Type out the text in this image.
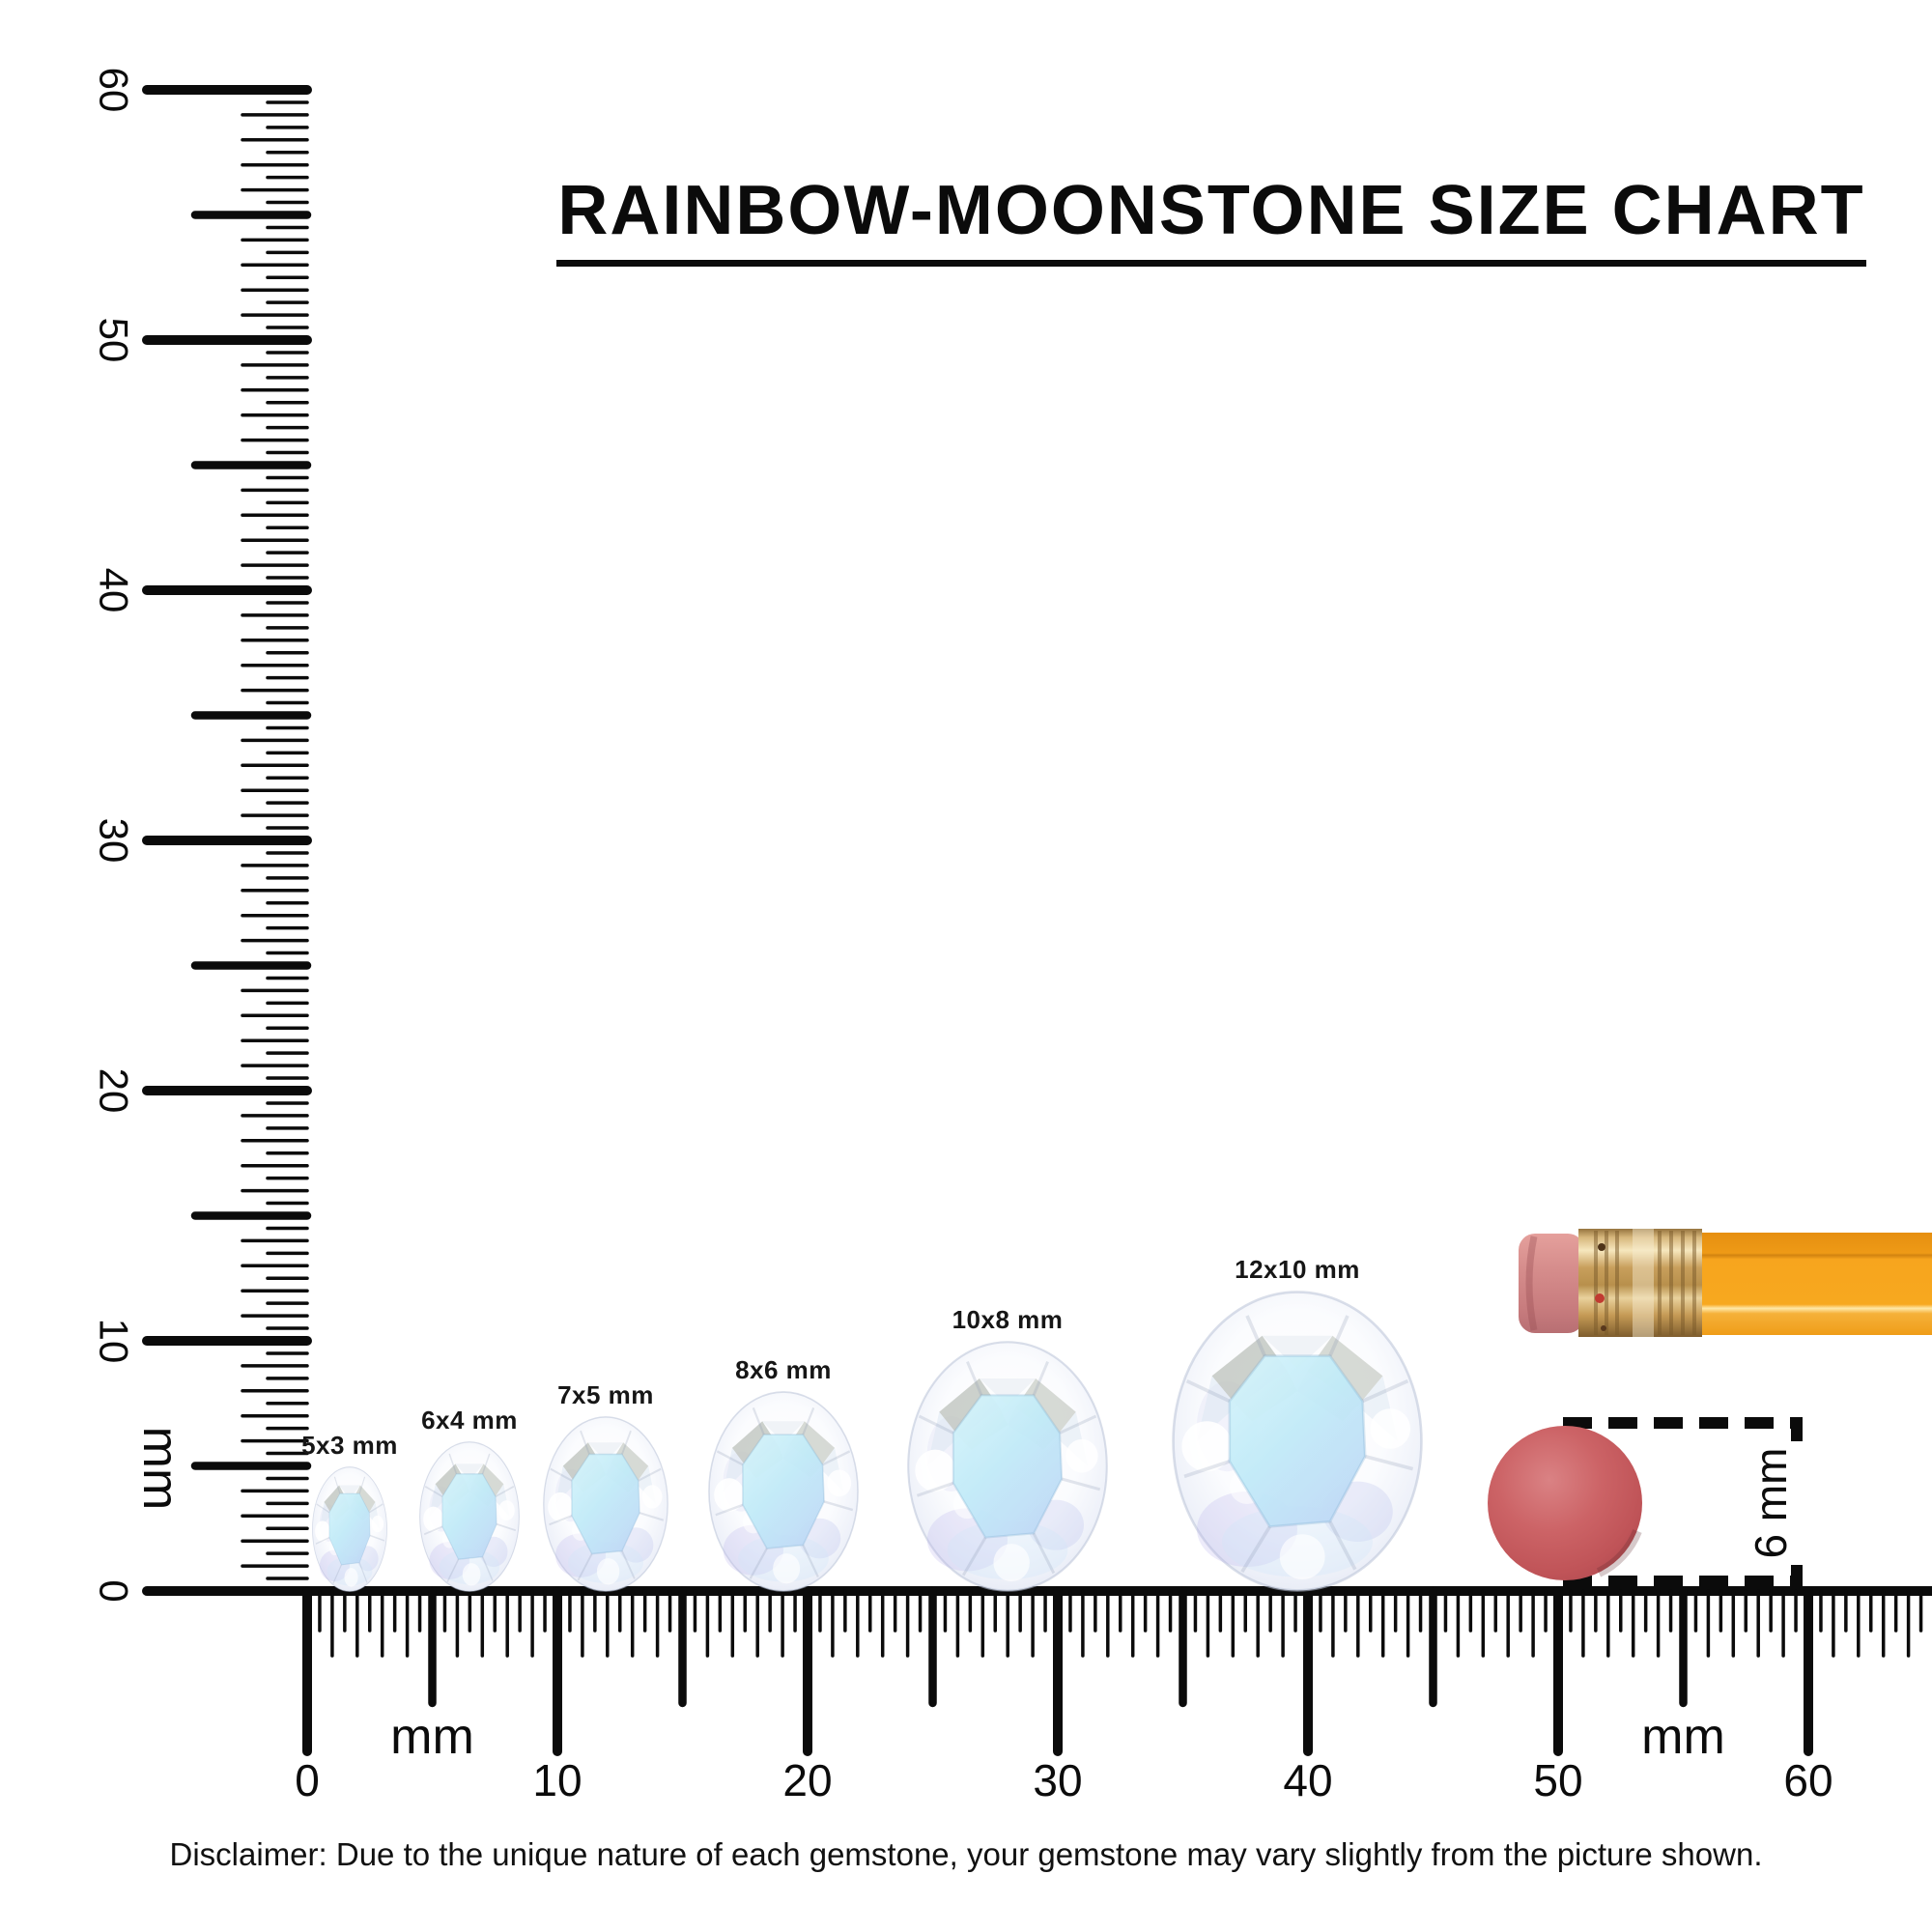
0
10
20
30
40
50
60
mm
0	10	20	30	40	50	60
mm	mm
RAINBOW-MOONSTONE SIZE CHART
5x3 mm
6x4 mm
7x5 mm
8x6 mm
10x8 mm
12x10 mm
6 mm
Disclaimer: Due to the unique nature of each gemstone, your gemstone may vary slightly from the picture shown.
